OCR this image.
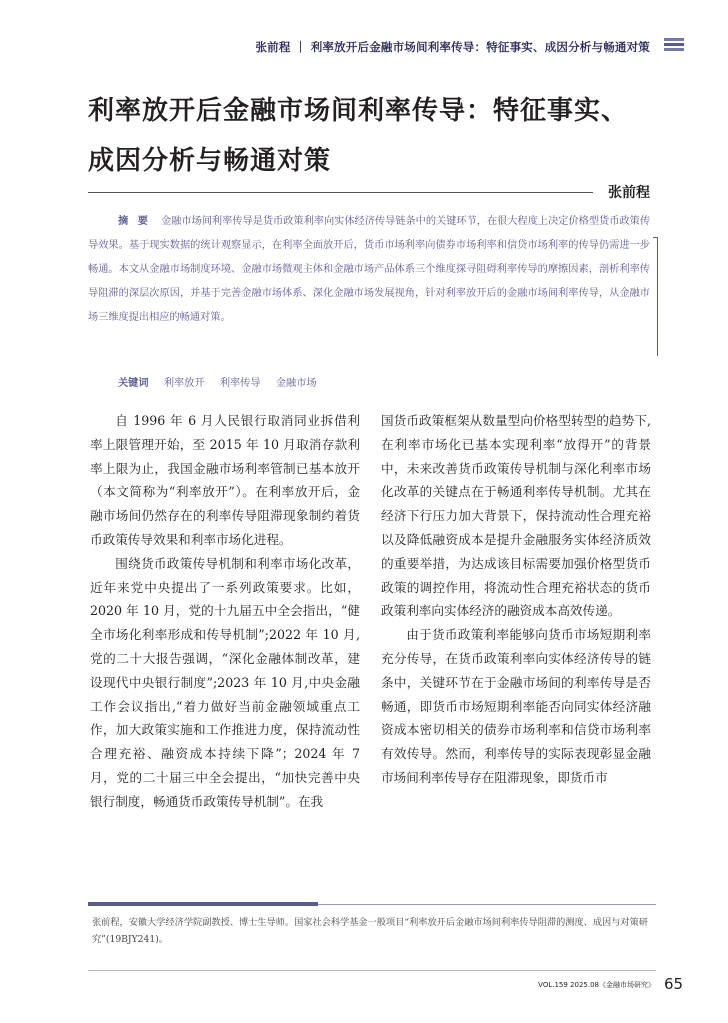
张前程 ｜ 利率放开后金融市场间利率传导：特征事实、成因分析与畅通对策
利率放开后金融市场间利率传导：特征事实、成因分析与畅通对策
张前程
摘 要 金融市场间利率传导是货币政策利率向实体经济传导链条中的关键环节，在很大程度上决定价格型货币政策传导效果。基于现实数据的统计观察显示，在利率全面放开后，货币市场利率向债券市场利率和信贷市场利率的传导仍需进一步畅通。本文从金融市场制度环境、金融市场微观主体和金融市场产品体系三个维度探寻阻碍利率传导的摩擦因素，剖析利率传导阻滞的深层次原因，并基于完善金融市场体系、深化金融市场发展视角，针对利率放开后的金融市场间利率传导，从金融市场三维度提出相应的畅通对策。
关键词 利率放开 利率传导 金融市场

自 1996 年 6 月人民银行取消同业拆借利率上限管理开始，至 2015 年 10 月取消存款利率上限为止，我国金融市场利率管制已基本放开（本文简称为“利率放开”）。在利率放开后，金融市场间仍然存在的利率传导阻滞现象制约着货币政策传导效果和利率市场化进程。

围绕货币政策传导机制和利率市场化改革，近年来党中央提出了一系列政策要求。比如，2020 年 10 月，党的十九届五中全会指出，“健全市场化利率形成和传导机制”;2022 年 10 月,党的二十大报告强调，“深化金融体制改革，建设现代中央银行制度”;2023 年 10 月,中央金融工作会议指出,“着力做好当前金融领域重点工作，加大政策实施和工作推进力度，保持流动性合理充裕、融资成本持续下降”；2024 年 7 月，党的二十届三中全会提出，“加快完善中央银行制度，畅通货币政策传导机制”。在我

国货币政策框架从数量型向价格型转型的趋势下,在利率市场化已基本实现利率“放得开”的背景中，未来改善货币政策传导机制与深化利率市场化改革的关键点在于畅通利率传导机制。尤其在经济下行压力加大背景下，保持流动性合理充裕以及降低融资成本是提升金融服务实体经济质效的重要举措，为达成该目标需要加强价格型货币政策的调控作用，将流动性合理充裕状态的货币政策利率向实体经济的融资成本高效传递。

由于货币政策利率能够向货币市场短期利率充分传导，在货币政策利率向实体经济传导的链条中，关键环节在于金融市场间的利率传导是否畅通，即货币市场短期利率能否向同实体经济融资成本密切相关的债券市场利率和信贷市场利率有效传导。然而，利率传导的实际表现彰显金融市场间利率传导存在阻滞现象，即货币市

张前程，安徽大学经济学院副教授、博士生导师。国家社会科学基金一般项目“利率放开后金融市场间利率传导阻滞的测度、成因与对策研究”(19BJY241)。
VOL.159 2025.08《金融市场研究》 65
